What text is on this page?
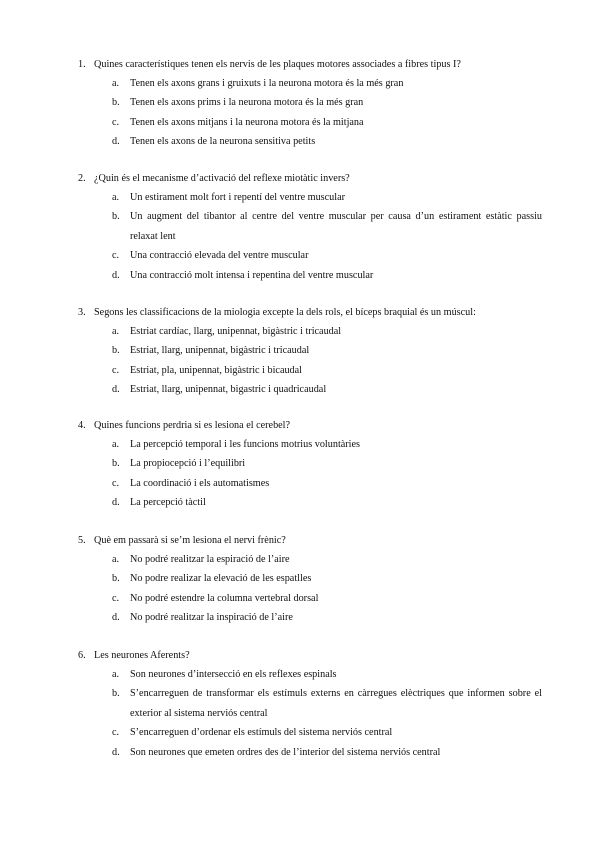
1. Quines característiques tenen els nervis de les plaques motores associades a fibres tipus I?
a. Tenen els axons grans i gruixuts i la neurona motora és la més gran
b. Tenen els axons prims i la neurona motora és la més gran
c. Tenen els axons mitjans i la neurona motora és la mitjana
d. Tenen els axons de la neurona sensitiva petits
2. ¿Quin és el mecanisme d’activació del reflexe miotàtic invers?
a. Un estirament molt fort i repentí del ventre muscular
b. Un augment del tibantor al centre del ventre muscular per causa d’un estirament estàtic passiu relaxat lent
c. Una contracció elevada del ventre muscular
d. Una contracció molt intensa i repentina del ventre muscular
3. Segons les classificacions de la miologia excepte la dels rols, el bíceps braquial és un múscul:
a. Estriat cardíac, llarg, unipennat, bigàstric i tricaudal
b. Estriat, llarg, unipennat, bigàstric i tricaudal
c. Estriat, pla, unipennat, bigàstric i bicaudal
d. Estriat, llarg, unipennat, bigastric i quadricaudal
4. Quines funcions perdria si es lesiona el cerebel?
a. La percepció temporal i les funcions motrius voluntàries
b. La propiocepció i l’equilibri
c. La coordinació i els automatismes
d. La percepció tàctil
5. Què em passarà si se’m lesiona el nervi frènic?
a. No podré realitzar la espiració de l’aire
b. No podre realizar la elevació de les espatlles
c. No podré estendre la columna vertebral dorsal
d. No podré realitzar la inspiració de l’aire
6. Les neurones Aferents?
a. Son neurones d’intersecció en els reflexes espinals
b. S’encarreguen de transformar els estímuls externs en càrregues elèctriques que informen sobre el exterior al sistema nerviós central
c. S’encarreguen d’ordenar els estímuls del sistema nerviós central
d. Son neurones que emeten ordres des de l’interior del sistema nerviós central
